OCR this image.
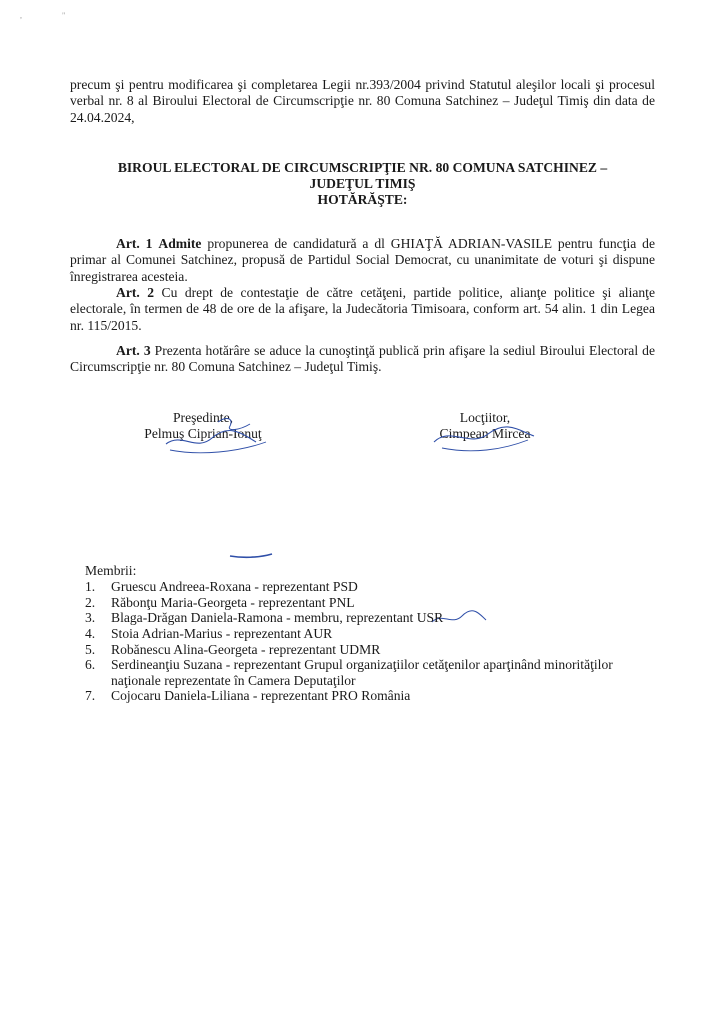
,	"
precum şi pentru modificarea şi completarea Legii nr.393/2004 privind Statutul aleşilor locali şi procesul verbal nr. 8 al Biroului Electoral de Circumscripţie nr. 80 Comuna Satchinez – Judeţul Timiş din data de 24.04.2024,
BIROUL ELECTORAL DE CIRCUMSCRIPŢIE NR. 80 COMUNA SATCHINEZ –
JUDEŢUL TIMIŞ
HOTĂRĂŞTE:
Art. 1 Admite propunerea de candidatură a dl GHIAŢĂ ADRIAN-VASILE pentru funcţia de primar al Comunei Satchinez, propusă de Partidul Social Democrat, cu unanimitate de voturi şi dispune înregistrarea acesteia.
Art. 2 Cu drept de contestaţie de către cetăţeni, partide politice, alianţe politice şi alianţe electorale, în termen de 48 de ore de la afişare, la Judecătoria Timisoara, conform art. 54 alin. 1 din Legea nr. 115/2015.
Art. 3 Prezenta hotărâre se aduce la cunoştinţă publică prin afişare la sediul Biroului Electoral de Circumscripţie nr. 80 Comuna Satchinez – Judeţul Timiş.
Preşedinte,
Pelmuş Ciprian-Ionuţ
Locţiitor,
Cimpean Mircea
Membrii:
1. Gruescu Andreea-Roxana - reprezentant PSD
2. Răbonţu Maria-Georgeta - reprezentant PNL
3. Blaga-Drăgan Daniela-Ramona - membru, reprezentant USR
4. Stoia Adrian-Marius - reprezentant AUR
5. Robănescu Alina-Georgeta - reprezentant UDMR
6. Serdineanţiu Suzana - reprezentant Grupul organizaţiilor cetăţenilor aparţinând minorităţilor naţionale reprezentate în Camera Deputaţilor
7. Cojocaru Daniela-Liliana - reprezentant PRO România
